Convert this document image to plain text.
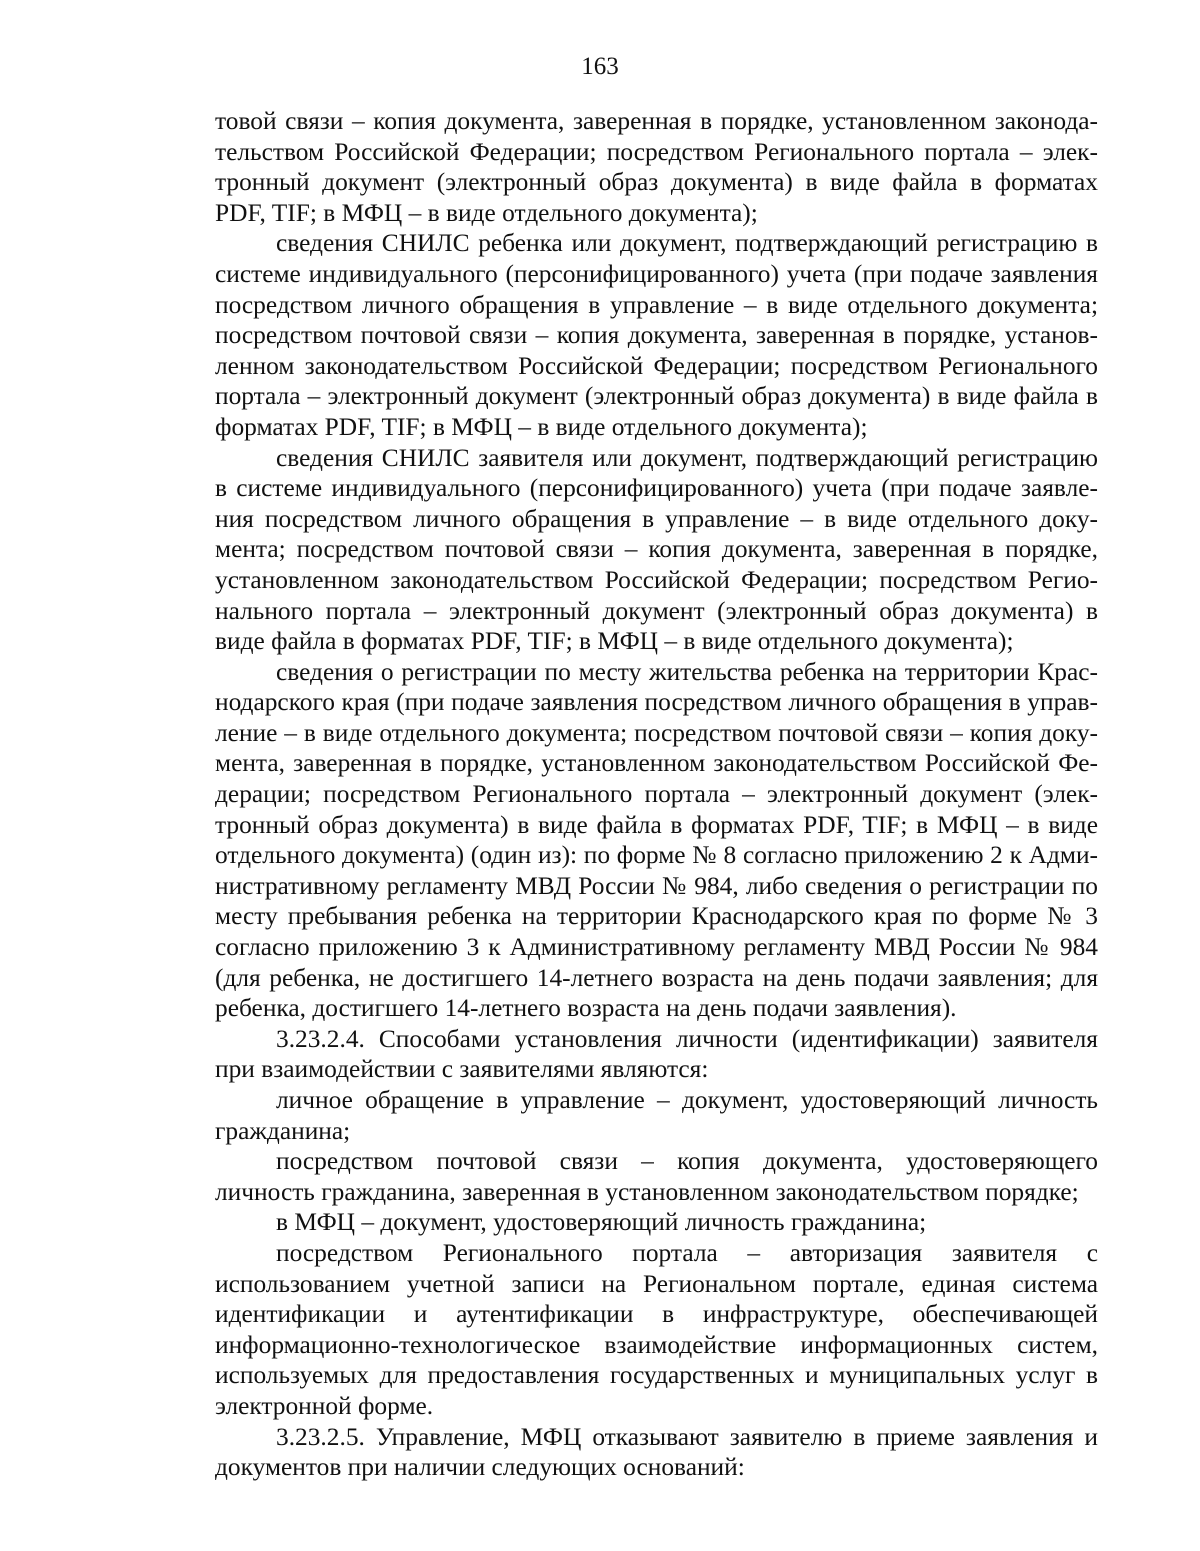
163

товой связи – копия документа, заверенная в порядке, установленном законодательством Российской Федерации; посредством Регионального портала – электронный документ (электронный образ документа) в виде файла в форматах PDF, TIF; в МФЦ – в виде отдельного документа);

сведения СНИЛС ребенка или документ, подтверждающий регистрацию в системе индивидуального (персонифицированного) учета (при подаче заявления посредством личного обращения в управление – в виде отдельного документа; посредством почтовой связи – копия документа, заверенная в порядке, установленном законодательством Российской Федерации; посредством Регионального портала – электронный документ (электронный образ документа) в виде файла в форматах PDF, TIF; в МФЦ – в виде отдельного документа);

сведения СНИЛС заявителя или документ, подтверждающий регистрацию в системе индивидуального (персонифицированного) учета (при подаче заявления посредством личного обращения в управление – в виде отдельного документа; посредством почтовой связи – копия документа, заверенная в порядке, установленном законодательством Российской Федерации; посредством Регионального портала – электронный документ (электронный образ документа) в виде файла в форматах PDF, TIF; в МФЦ – в виде отдельного документа);

сведения о регистрации по месту жительства ребенка на территории Краснодарского края (при подаче заявления посредством личного обращения в управление – в виде отдельного документа; посредством почтовой связи – копия документа, заверенная в порядке, установленном законодательством Российской Федерации; посредством Регионального портала – электронный документ (электронный образ документа) в виде файла в форматах PDF, TIF; в МФЦ – в виде отдельного документа) (один из): по форме № 8 согласно приложению 2 к Административному регламенту МВД России № 984, либо сведения о регистрации по месту пребывания ребенка на территории Краснодарского края по форме № 3 согласно приложению 3 к Административному регламенту МВД России № 984 (для ребенка, не достигшего 14-летнего возраста на день подачи заявления; для ребенка, достигшего 14-летнего возраста на день подачи заявления).

3.23.2.4. Способами установления личности (идентификации) заявителя при взаимодействии с заявителями являются:

личное обращение в управление – документ, удостоверяющий личность гражданина;

посредством почтовой связи – копия документа, удостоверяющего личность гражданина, заверенная в установленном законодательством порядке;

в МФЦ – документ, удостоверяющий личность гражданина;

посредством Регионального портала – авторизация заявителя с использованием учетной записи на Региональном портале, единая система идентификации и аутентификации в инфраструктуре, обеспечивающей информационно-технологическое взаимодействие информационных систем, используемых для предоставления государственных и муниципальных услуг в электронной форме.

3.23.2.5. Управление, МФЦ отказывают заявителю в приеме заявления и документов при наличии следующих оснований:
